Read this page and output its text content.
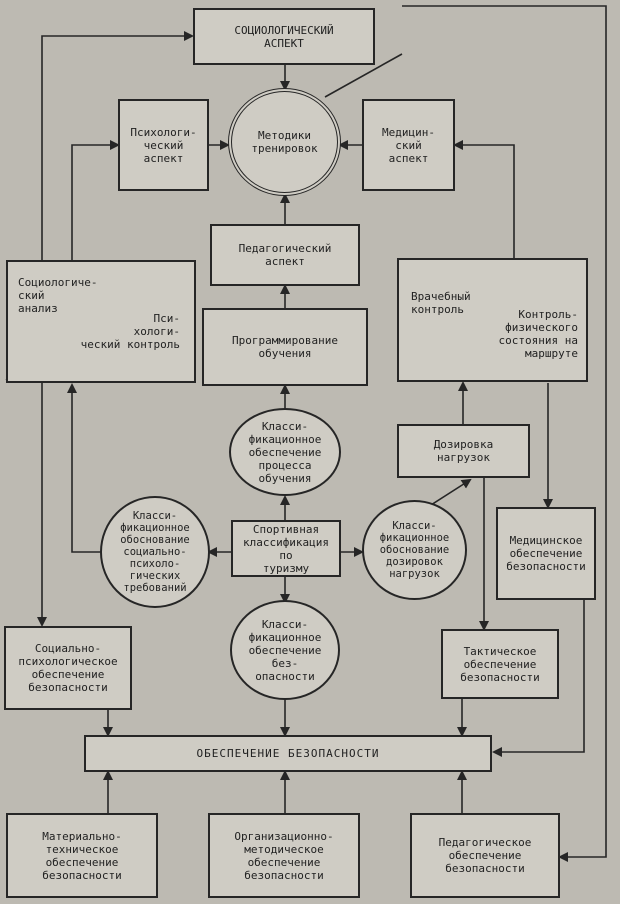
СОЦИОЛОГИЧЕСКИЙ
АСПЕКТ
Психологи-
ческий
аспект
Методики
тренировок
Медицин-
ский
аспект
Педагогический
аспект

Социологиче-
ский
анализ

Пси-
хологи-
ческий контроль	Программирование
обучения

Врачебный
контроль	Контроль-
физического
состояния на
маршруте

Класси-
фикационное
обеспечение
процесса
обучения
Дозировка
нагрузок
Класси-
фикационное
обоснование
социально-
психоло-
гических
требований
Спортивная
классификация
по
туризму
Класси-
фикационное
обоснование
дозировок
нагрузок
Медицинское
обеспечение
безопасности
Социально-
психологическое
обеспечение
безопасности
Класси-
фикационное
обеспечение
без-
опасности
Тактическое
обеспечение
безопасности
ОБЕСПЕЧЕНИЕ БЕЗОПАСНОСТИ
Материально-
техническое
обеспечение
безопасности
Организационно-
методическое
обеспечение
безопасности
Педагогическое
обеспечение
безопасности
